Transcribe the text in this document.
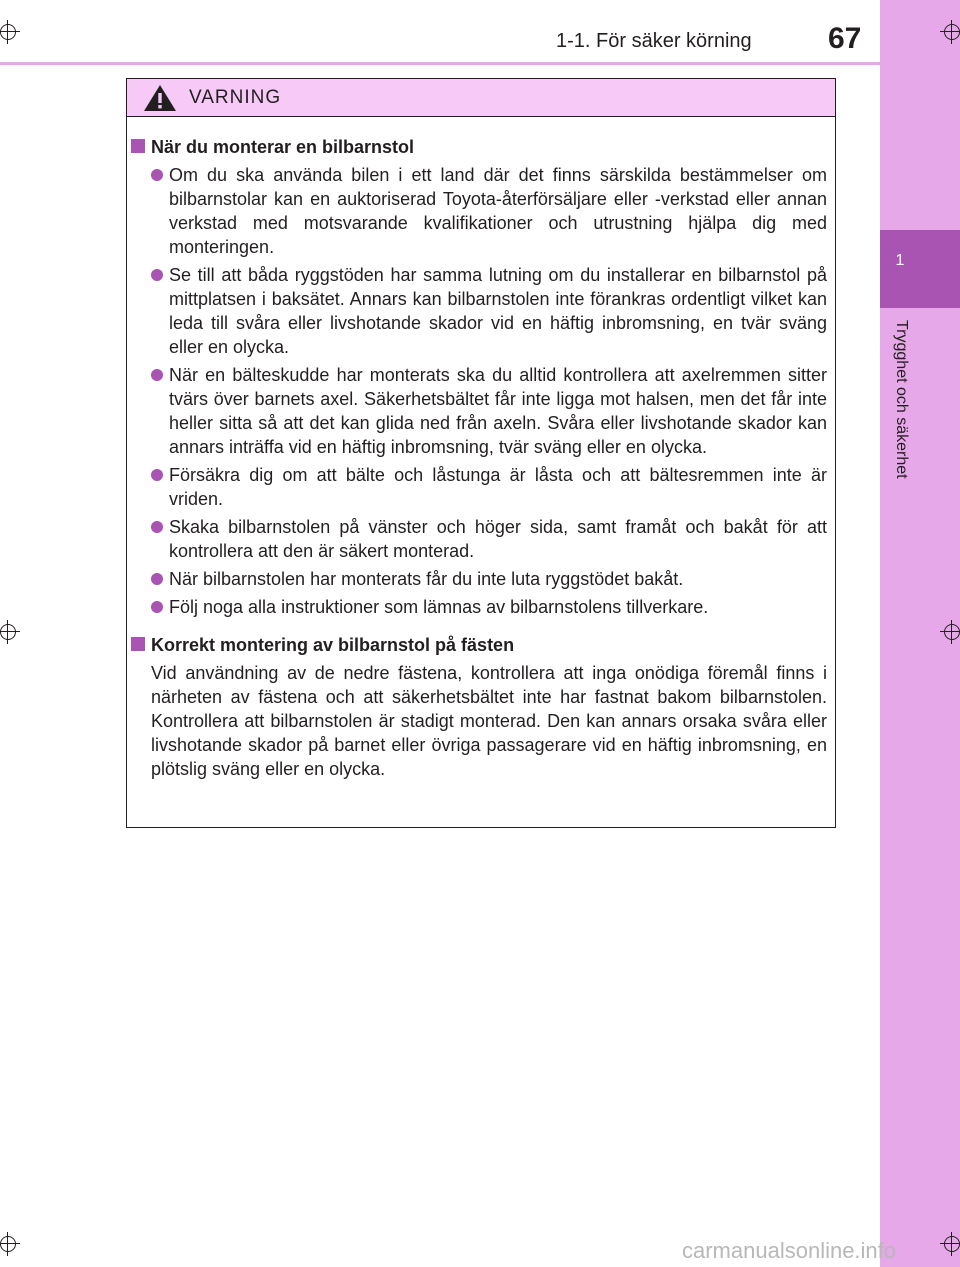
1-1. För säker körning	67
1
Trygghet och säkerhet
VARNING
När du monterar en bilbarnstol
Om du ska använda bilen i ett land där det finns särskilda bestämmelser om bilbarnstolar kan en auktoriserad Toyota-återförsäljare eller -verkstad eller annan verkstad med motsvarande kvalifikationer och utrustning hjälpa dig med monteringen.
Se till att båda ryggstöden har samma lutning om du installerar en bilbarnstol på mittplatsen i baksätet. Annars kan bilbarnstolen inte förankras ordentligt vilket kan leda till svåra eller livshotande skador vid en häftig inbromsning, en tvär sväng eller en olycka.
När en bälteskudde har monterats ska du alltid kontrollera att axelremmen sitter tvärs över barnets axel. Säkerhetsbältet får inte ligga mot halsen, men det får inte heller sitta så att det kan glida ned från axeln. Svåra eller livshotande skador kan annars inträffa vid en häftig inbromsning, tvär sväng eller en olycka.
Försäkra dig om att bälte och låstunga är låsta och att bältesremmen inte är vriden.
Skaka bilbarnstolen på vänster och höger sida, samt framåt och bakåt för att kontrollera att den är säkert monterad.
När bilbarnstolen har monterats får du inte luta ryggstödet bakåt.
Följ noga alla instruktioner som lämnas av bilbarnstolens tillverkare.
Korrekt montering av bilbarnstol på fästen

Vid användning av de nedre fästena, kontrollera att inga onödiga föremål finns i närheten av fästena och att säkerhetsbältet inte har fastnat bakom bilbarnstolen. Kontrollera att bilbarnstolen är stadigt monterad. Den kan annars orsaka svåra eller livshotande skador på barnet eller övriga passagerare vid en häftig inbromsning, en plötslig sväng eller en olycka.

carmanualsonline.info
